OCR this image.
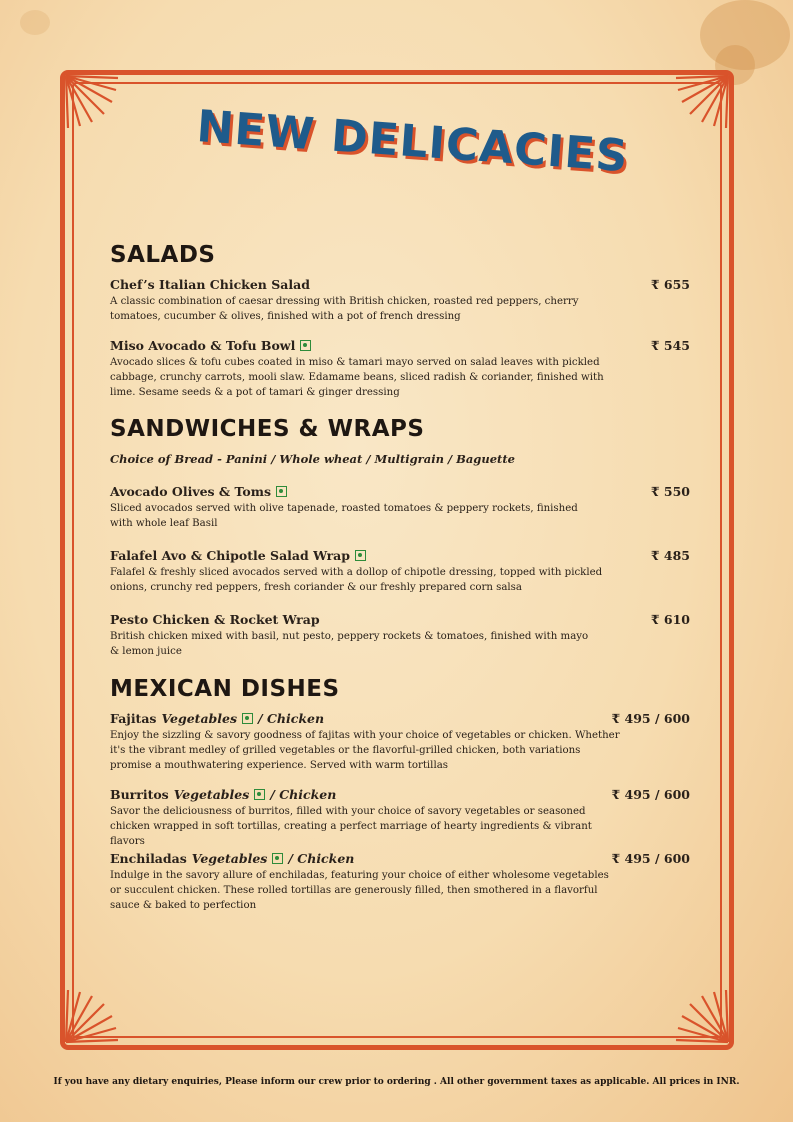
NEW DELICACIES
SALADS
Chef’s Italian Chicken Salad	₹ 655
A classic combination of caesar dressing with British chicken, roasted red peppers, cherry tomatoes, cucumber & olives, finished with a pot of french dressing
Miso Avocado & Tofu Bowl	₹ 545
Avocado slices & tofu cubes coated in miso & tamari mayo served on salad leaves with pickled cabbage, crunchy carrots, mooli slaw. Edamame beans, sliced radish & coriander, finished with lime. Sesame seeds & a pot of tamari & ginger dressing
SANDWICHES & WRAPS
Choice of Bread - Panini / Whole wheat / Multigrain / Baguette
Avocado Olives & Toms	₹ 550
Sliced avocados served with olive tapenade, roasted tomatoes & peppery rockets, finished with whole leaf Basil
Falafel Avo & Chipotle Salad Wrap	₹ 485
Falafel & freshly sliced avocados served with a dollop of chipotle dressing, topped with pickled onions, crunchy red peppers, fresh coriander & our freshly prepared corn salsa
Pesto Chicken & Rocket Wrap	₹ 610
British chicken mixed with basil, nut pesto, peppery rockets & tomatoes, finished with mayo & lemon juice
MEXICAN DISHES
Fajitas Vegetables / Chicken	₹ 495 / 600
Enjoy the sizzling & savory goodness of fajitas with your choice of vegetables or chicken. Whether it's the vibrant medley of grilled vegetables or the flavorful-grilled chicken, both variations promise a mouthwatering experience. Served with warm tortillas
Burritos Vegetables / Chicken	₹ 495 / 600
Savor the deliciousness of burritos, filled with your choice of savory vegetables or seasoned chicken wrapped in soft tortillas, creating a perfect marriage of hearty ingredients & vibrant flavors
Enchiladas Vegetables / Chicken	₹ 495 / 600
Indulge in the savory allure of enchiladas, featuring your choice of either wholesome vegetables or succulent chicken. These rolled tortillas are generously filled, then smothered in a flavorful sauce & baked to perfection
If you have any dietary enquiries, Please inform our crew prior to ordering . All other government taxes as applicable. All prices in INR.
